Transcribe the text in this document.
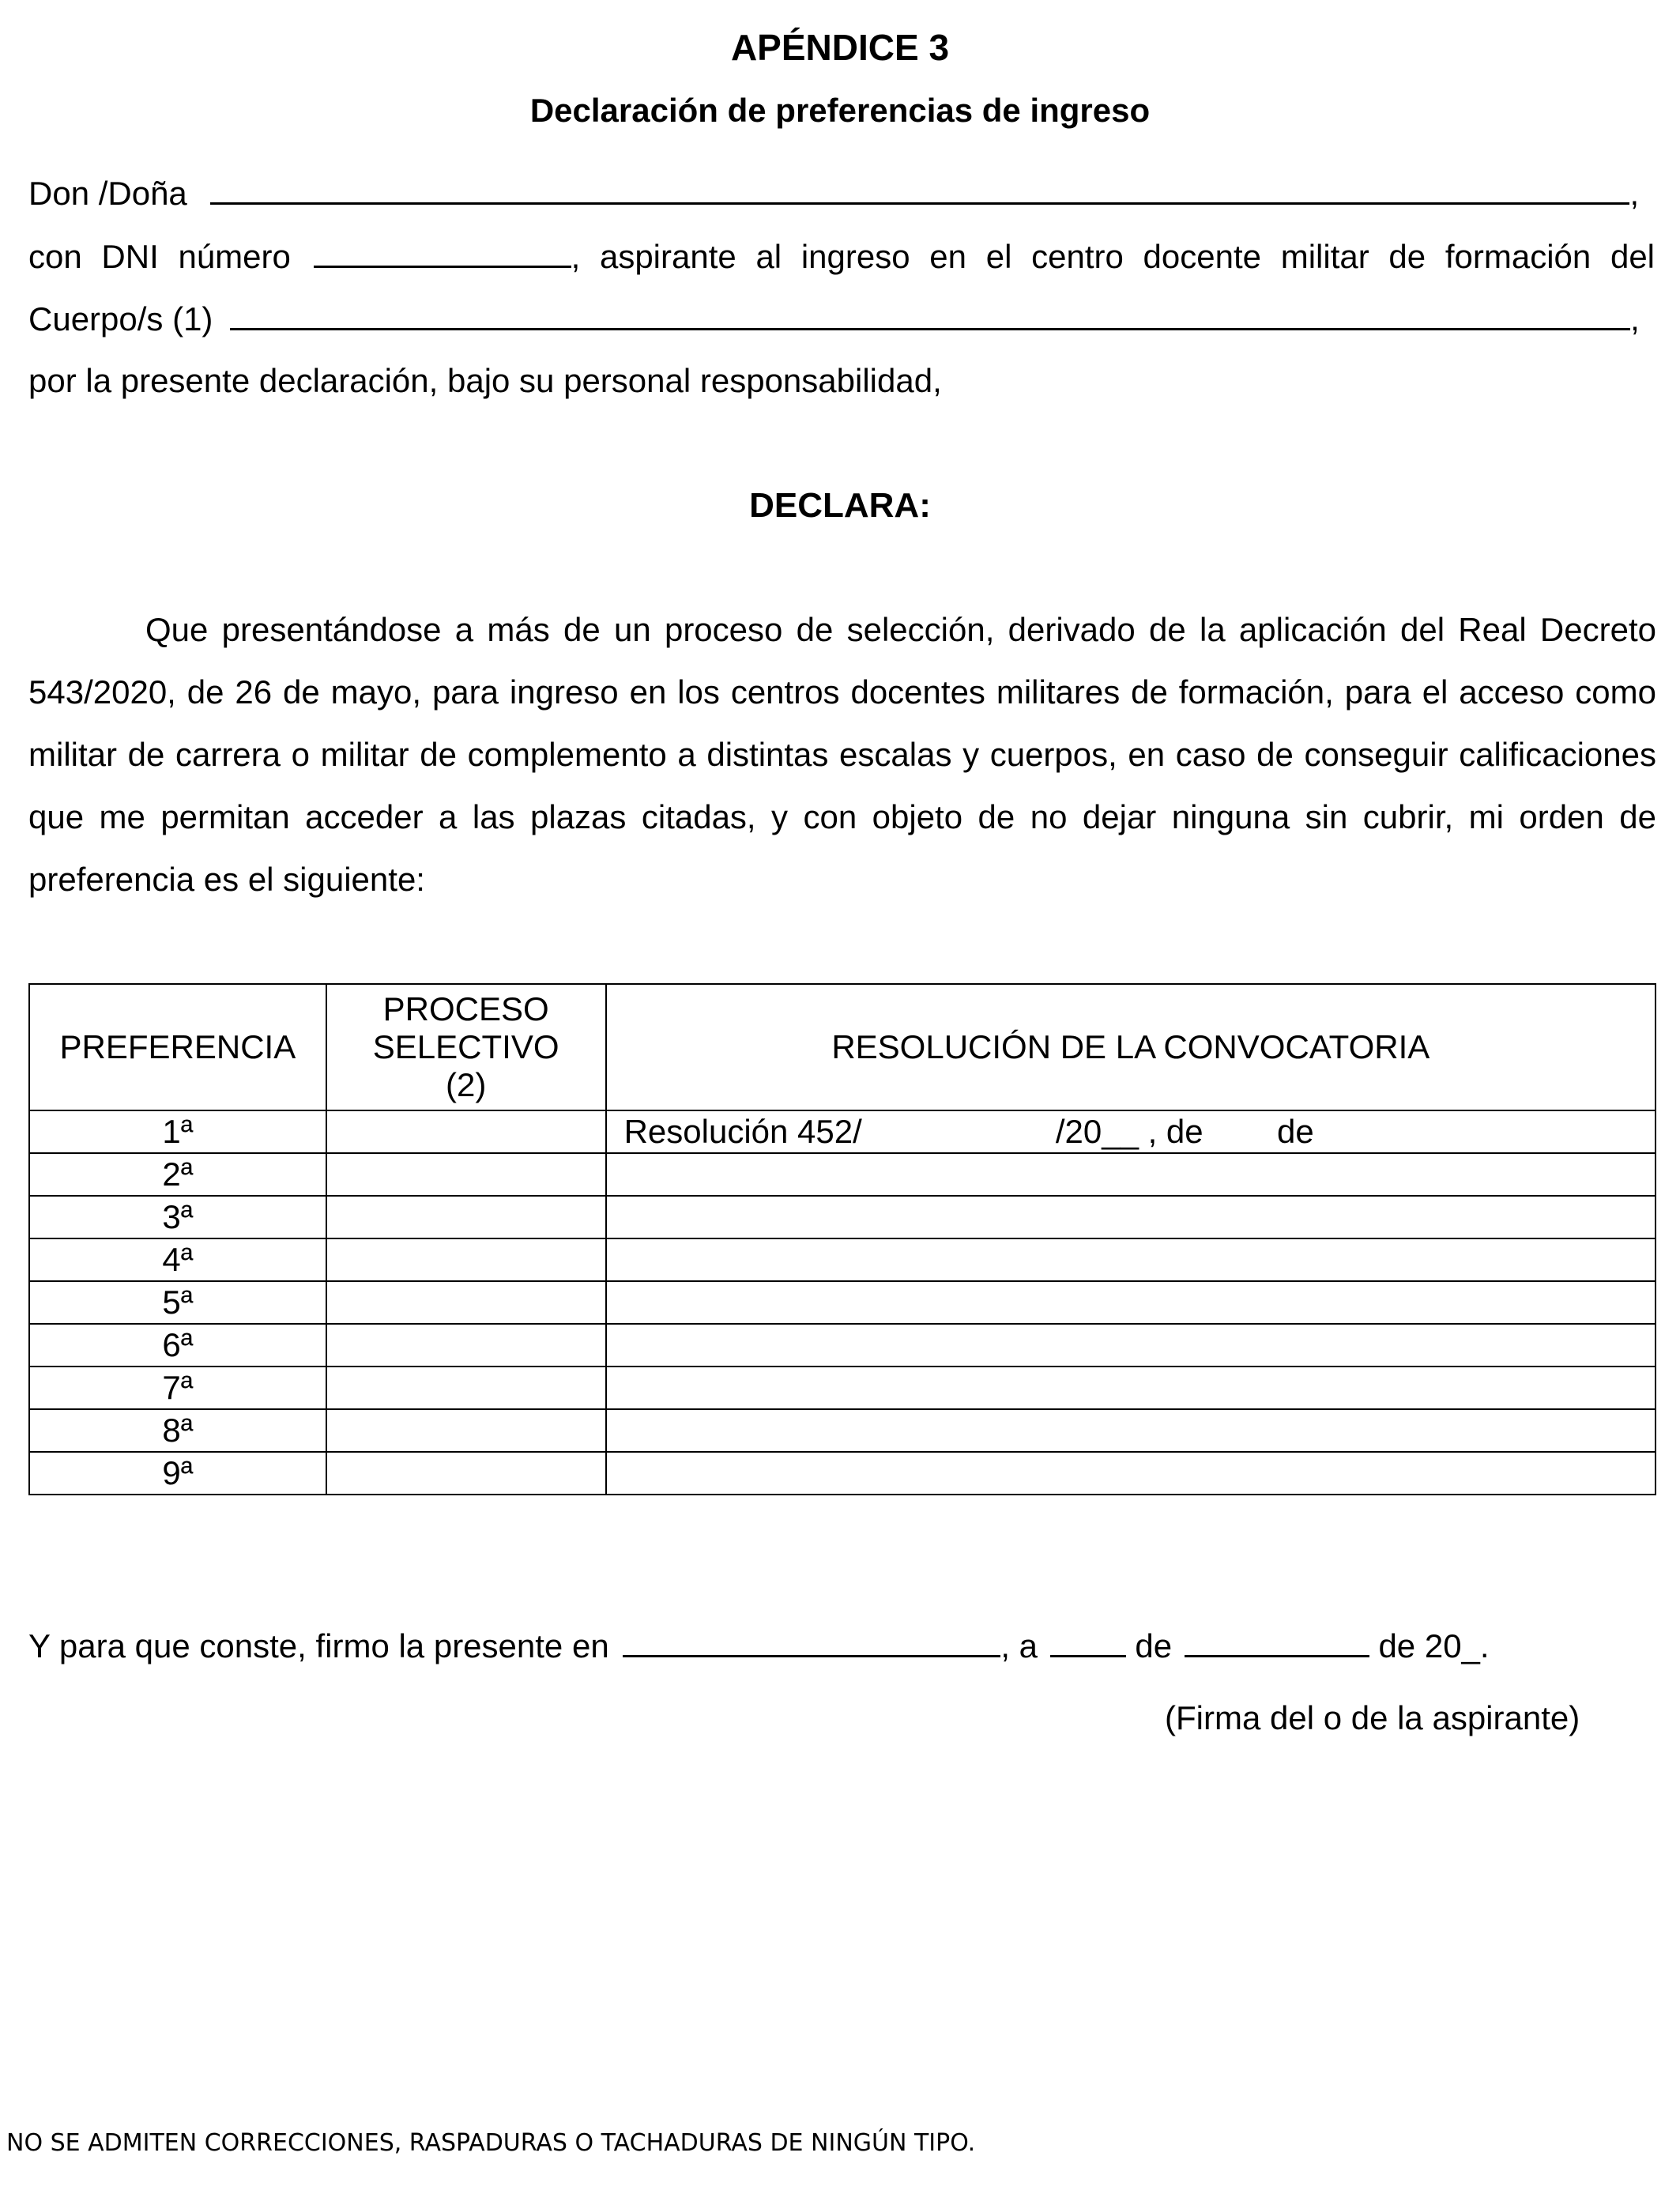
APÉNDICE 3
Declaración de preferencias de ingreso
Don /Doña	,
con DNI número	, aspirante al ingreso en el centro docente militar de formación del
Cuerpo/s (1)	,
por la presente declaración, bajo su personal responsabilidad,
DECLARA:
Que presentándose a más de un proceso de selección, derivado de la aplicación del Real Decreto 543/2020, de 26 de mayo, para ingreso en los centros docentes militares de formación, para el acceso como militar de carrera o militar de complemento a distintas escalas y cuerpos, en caso de conseguir calificaciones que me permitan acceder a las plazas citadas, y con objeto de no dejar ninguna sin cubrir, mi orden de preferencia es el siguiente:
PREFERENCIA	PROCESO SELECTIVO (2)	RESOLUCIÓN DE LA CONVOCATORIA
1ª		Resolución 452/                     /20__ , de        de
2ª		
3ª		
4ª		
5ª		
6ª		
7ª		
8ª		
9ª		
Y para que conste, firmo la presente en	, a	de	de 20_.
(Firma del o de la aspirante)
NO SE ADMITEN CORRECCIONES, RASPADURAS O TACHADURAS DE NINGÚN TIPO.
